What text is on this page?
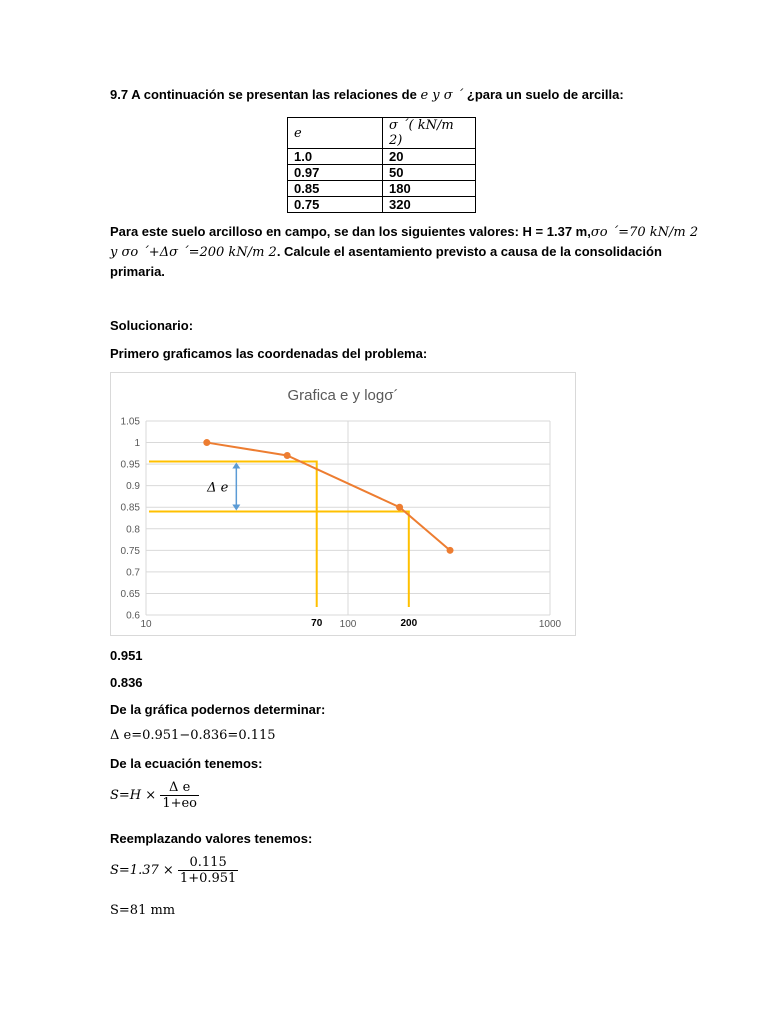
9.7 A continuación se presentan las relaciones de e y σ ´ ¿para un suelo de arcilla:
e	σ ´( kN/m 2)
1.0	20
0.97	50
0.85	180
0.75	320
Para este suelo arcilloso en campo, se dan los siguientes valores: H = 1.37 m,σo ´=70 kN/m 2
y σo ´+Δσ ´=200 kN/m 2. Calcule el asentamiento previsto a causa de la consolidación
primaria.
Solucionario:
Primero graficamos las coordenadas del problema:
Grafica e y logσ´
1.05
1
0.95
0.9
0.85
0.8
0.75
0.7
0.65
0.6
10	100	1000
70	200
Δ e
0.951
0.836
De la gráfica podernos determinar:
Δ e=0.951−0.836=0.115
De la ecuación tenemos:
$S=H \times \frac{\text{Δ e}}{1+eo}$
Reemplazando valores tenemos:
$S=1.37 \times \frac{0.115}{1+0.951}$
S=81 mm
